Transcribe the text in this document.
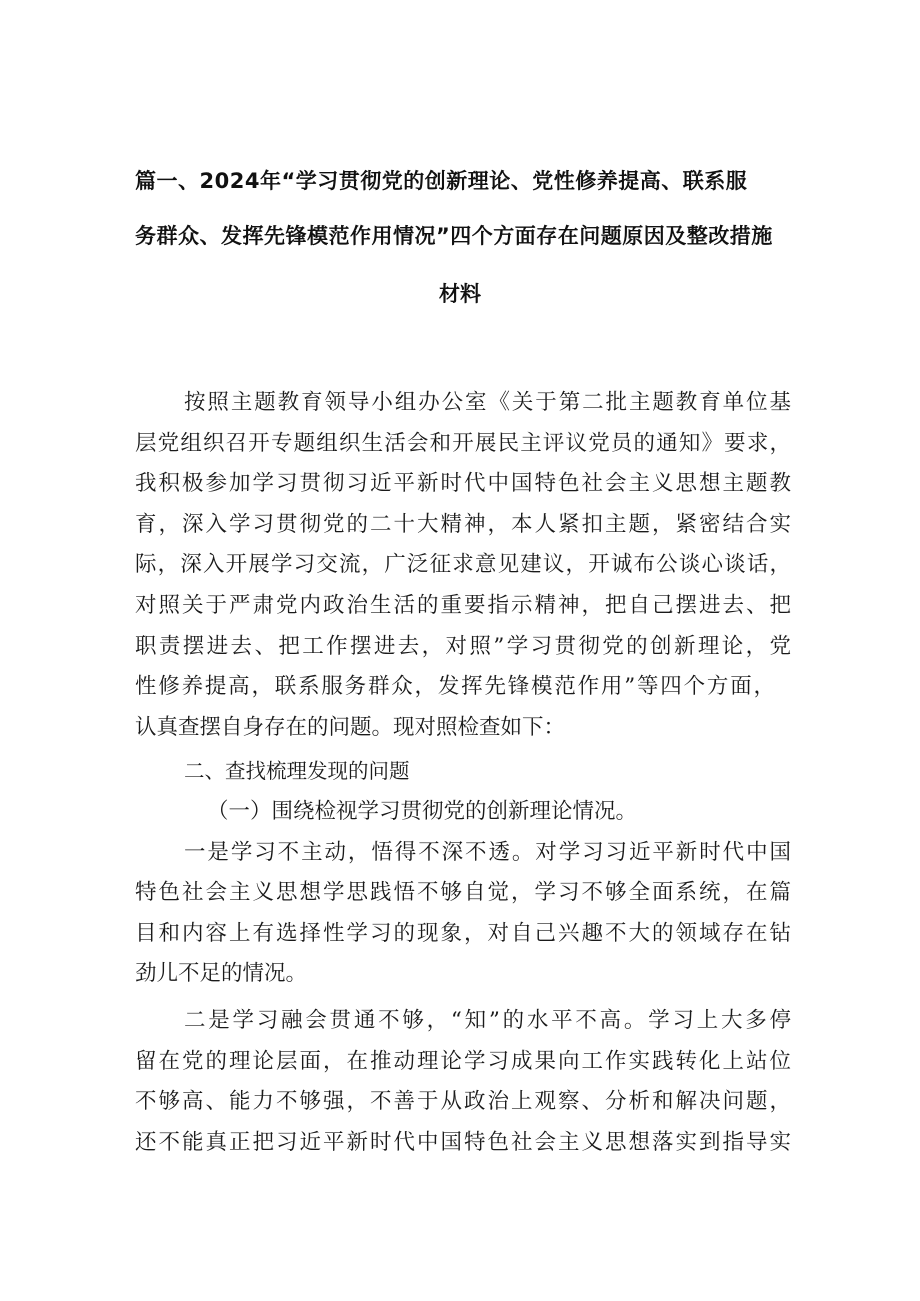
篇一、2024年“学习贯彻党的创新理论、党性修养提高、联系服
务群众、发挥先锋模范作用情况”四个方面存在问题原因及整改措施
材料
按照主题教育领导小组办公室《关于第二批主题教育单位基
层党组织召开专题组织生活会和开展民主评议党员的通知》要求，
我积极参加学习贯彻习近平新时代中国特色社会主义思想主题教
育，深入学习贯彻党的二十大精神，本人紧扣主题，紧密结合实
际，深入开展学习交流，广泛征求意见建议，开诚布公谈心谈话，
对照关于严肃党内政治生活的重要指示精神，把自己摆进去、把
职责摆进去、把工作摆进去，对照”学习贯彻党的创新理论，党
性修养提高，联系服务群众，发挥先锋模范作用”等四个方面，
认真查摆自身存在的问题。现对照检查如下：
二、查找梳理发现的问题
（一）围绕检视学习贯彻党的创新理论情况。
一是学习不主动，悟得不深不透。对学习习近平新时代中国
特色社会主义思想学思践悟不够自觉，学习不够全面系统，在篇
目和内容上有选择性学习的现象，对自己兴趣不大的领域存在钻
劲儿不足的情况。
二是学习融会贯通不够，“知”的水平不高。学习上大多停
留在党的理论层面，在推动理论学习成果向工作实践转化上站位
不够高、能力不够强，不善于从政治上观察、分析和解决问题，
还不能真正把习近平新时代中国特色社会主义思想落实到指导实
